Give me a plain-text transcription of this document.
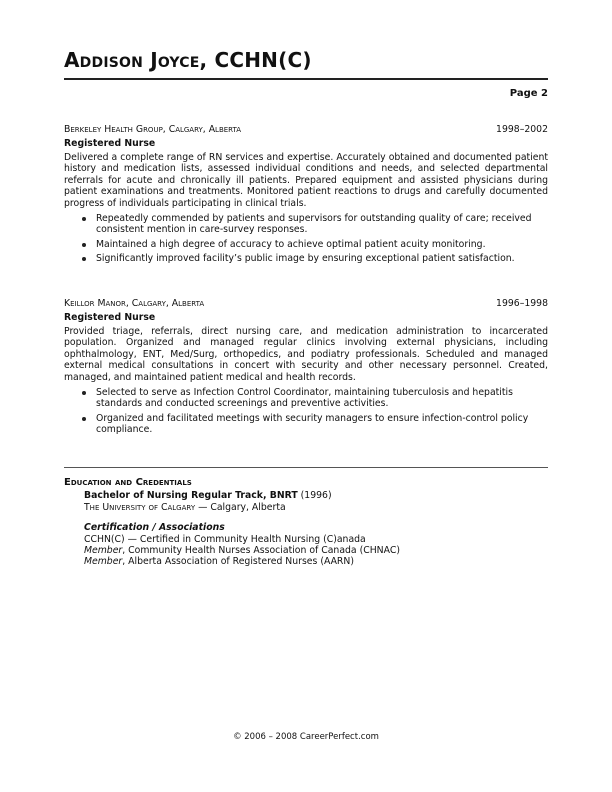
Addison Joyce, CCHN(C)
Page 2
Berkeley Health Group, Calgary, Alberta	1998–2002
Registered Nurse
Delivered a complete range of RN services and expertise. Accurately obtained and documented patient history and medication lists, assessed individual conditions and needs, and selected departmental referrals for acute and chronically ill patients. Prepared equipment and assisted physicians during patient examinations and treatments. Monitored patient reactions to drugs and carefully documented progress of individuals participating in clinical trials.
Repeatedly commended by patients and supervisors for outstanding quality of care; received consistent mention in care-survey responses.
Maintained a high degree of accuracy to achieve optimal patient acuity monitoring.
Significantly improved facility’s public image by ensuring exceptional patient satisfaction.
Keillor Manor, Calgary, Alberta	1996–1998
Registered Nurse
Provided triage, referrals, direct nursing care, and medication administration to incarcerated population. Organized and managed regular clinics involving external physicians, including ophthalmology, ENT, Med/Surg, orthopedics, and podiatry professionals. Scheduled and managed external medical consultations in concert with security and other necessary personnel. Created, managed, and maintained patient medical and health records.
Selected to serve as Infection Control Coordinator, maintaining tuberculosis and hepatitis standards and conducted screenings and preventive activities.
Organized and facilitated meetings with security managers to ensure infection-control policy compliance.
Education and Credentials
Bachelor of Nursing Regular Track, BNRT (1996)
The University of Calgary — Calgary, Alberta
Certification / Associations
CCHN(C) — Certified in Community Health Nursing (C)anada
Member, Community Health Nurses Association of Canada (CHNAC)
Member, Alberta Association of Registered Nurses (AARN)
© 2006 – 2008 CareerPerfect.com
